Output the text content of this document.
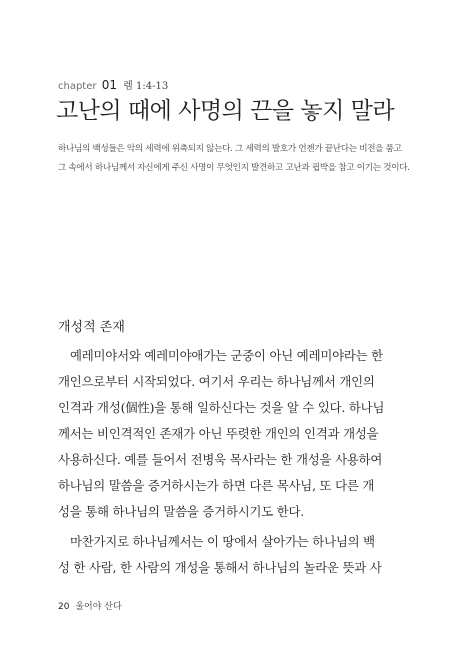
chapter 01 렘 1:4-13
고난의 때에 사명의 끈을 놓지 말라

하나님의 백성들은 악의 세력에 위축되지 않는다. 그 세력의 발호가 언젠가 끝난다는 비전을 품고
그 속에서 하나님께서 자신에게 주신 사명이 무엇인지 발견하고 고난과 핍박을 참고 이기는 것이다.

개성적 존재
예레미야서와 예레미야애가는 군중이 아닌 예레미야라는 한
개인으로부터 시작되었다. 여기서 우리는 하나님께서 개인의
인격과 개성(個性)을 통해 일하신다는 것을 알 수 있다. 하나님
께서는 비인격적인 존재가 아닌 뚜렷한 개인의 인격과 개성을
사용하신다. 예를 들어서 전병욱 목사라는 한 개성을 사용하여
하나님의 말씀을 증거하시는가 하면 다른 목사님, 또 다른 개
성을 통해 하나님의 말씀을 증거하시기도 한다.
마찬가지로 하나님께서는 이 땅에서 살아가는 하나님의 백
성 한 사람, 한 사람의 개성을 통해서 하나님의 놀라운 뜻과 사
20 울어야 산다
